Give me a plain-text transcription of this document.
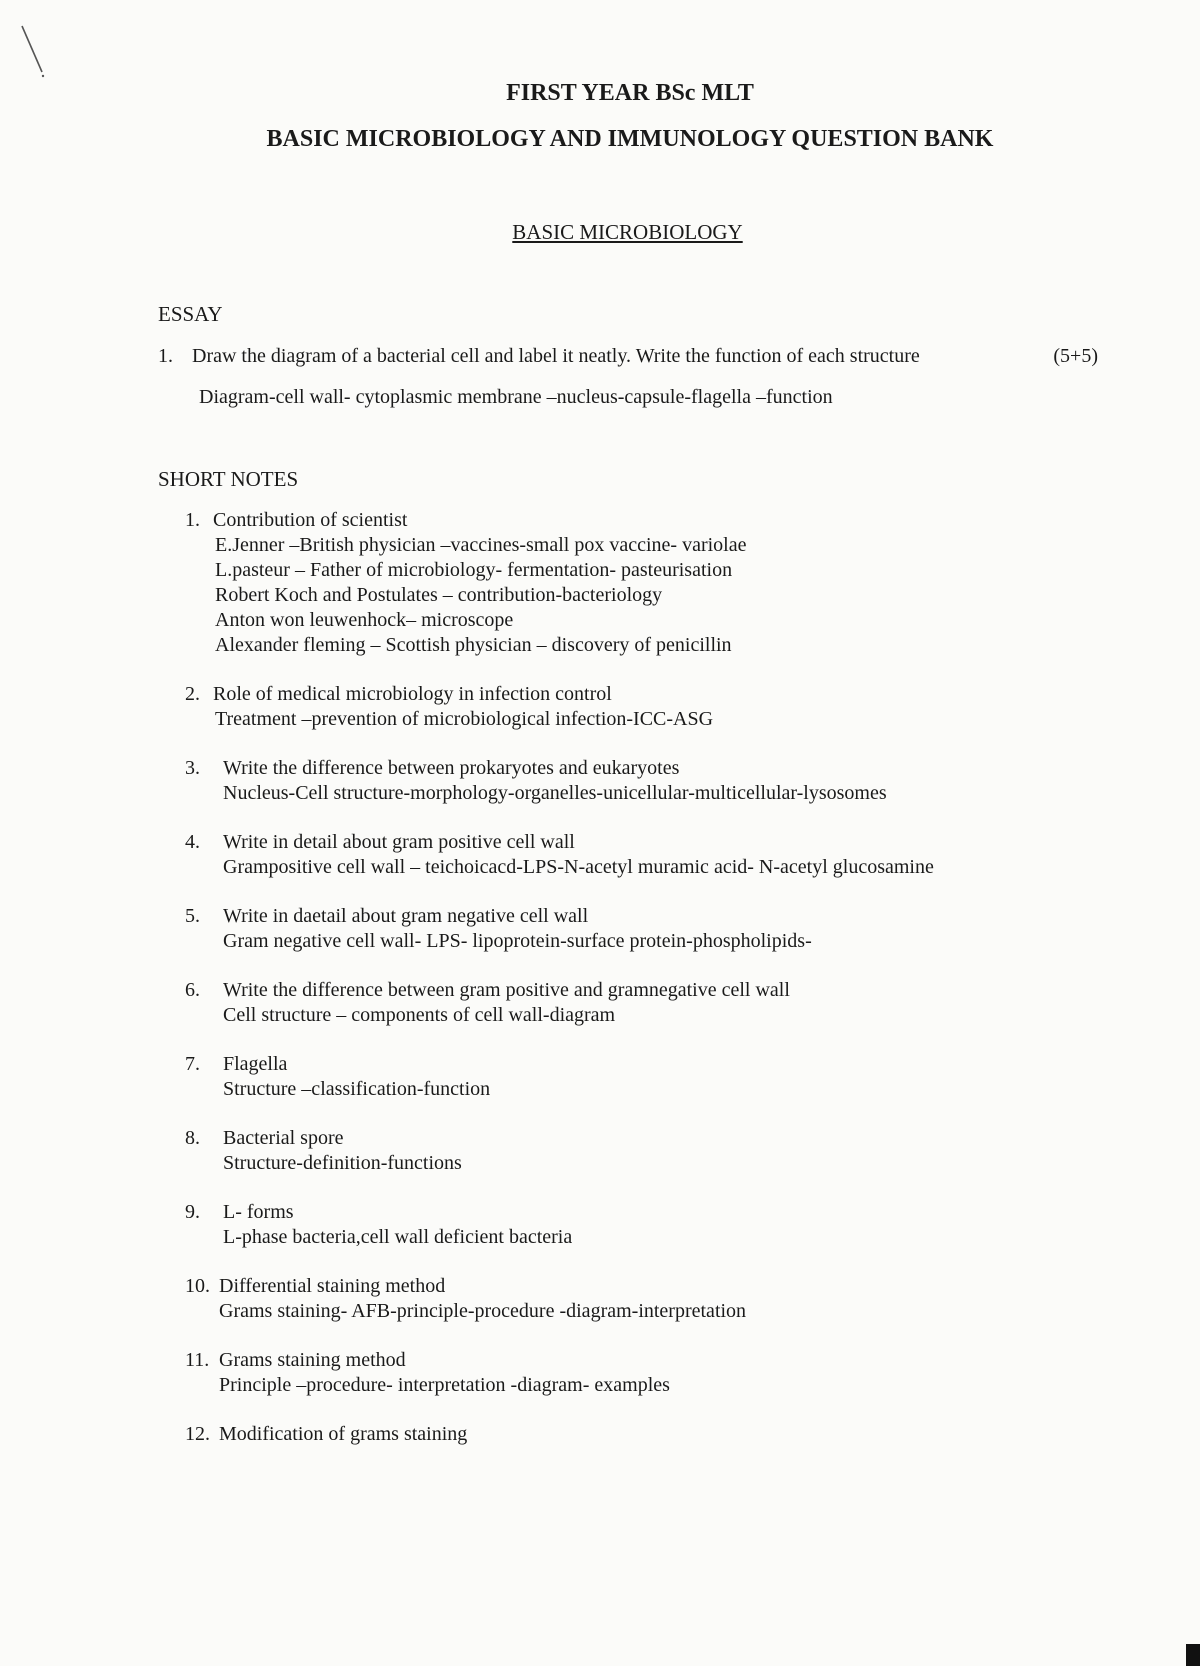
FIRST YEAR BSc MLT
BASIC MICROBIOLOGY AND IMMUNOLOGY QUESTION BANK
BASIC MICROBIOLOGY
ESSAY
1. Draw the diagram of a bacterial cell and label it neatly. Write the function of each structure	(5+5)
Diagram-cell wall- cytoplasmic membrane –nucleus-capsule-flagella –function
SHORT NOTES
1. Contribution of scientist
E.Jenner –British physician –vaccines-small pox vaccine- variolae
L.pasteur – Father of microbiology- fermentation- pasteurisation
Robert Koch and Postulates – contribution-bacteriology
Anton won leuwenhock– microscope
Alexander fleming – Scottish physician – discovery of penicillin
2. Role of medical microbiology in infection control
Treatment –prevention of microbiological infection-ICC-ASG
3. Write the difference between prokaryotes and eukaryotes
Nucleus-Cell structure-morphology-organelles-unicellular-multicellular-lysosomes
4. Write in detail about gram positive cell wall
Grampositive cell wall – teichoicacd-LPS-N-acetyl muramic acid- N-acetyl glucosamine
5. Write in daetail about gram negative cell wall
Gram negative cell wall- LPS- lipoprotein-surface protein-phospholipids-
6. Write the difference between gram positive and gramnegative cell wall
Cell structure – components of cell wall-diagram
7. Flagella
Structure –classification-function
8. Bacterial spore
Structure-definition-functions
9. L- forms
L-phase bacteria,cell wall deficient bacteria
10. Differential staining method
Grams staining- AFB-principle-procedure -diagram-interpretation
11. Grams staining method
Principle –procedure- interpretation -diagram- examples
12. Modification of grams staining
